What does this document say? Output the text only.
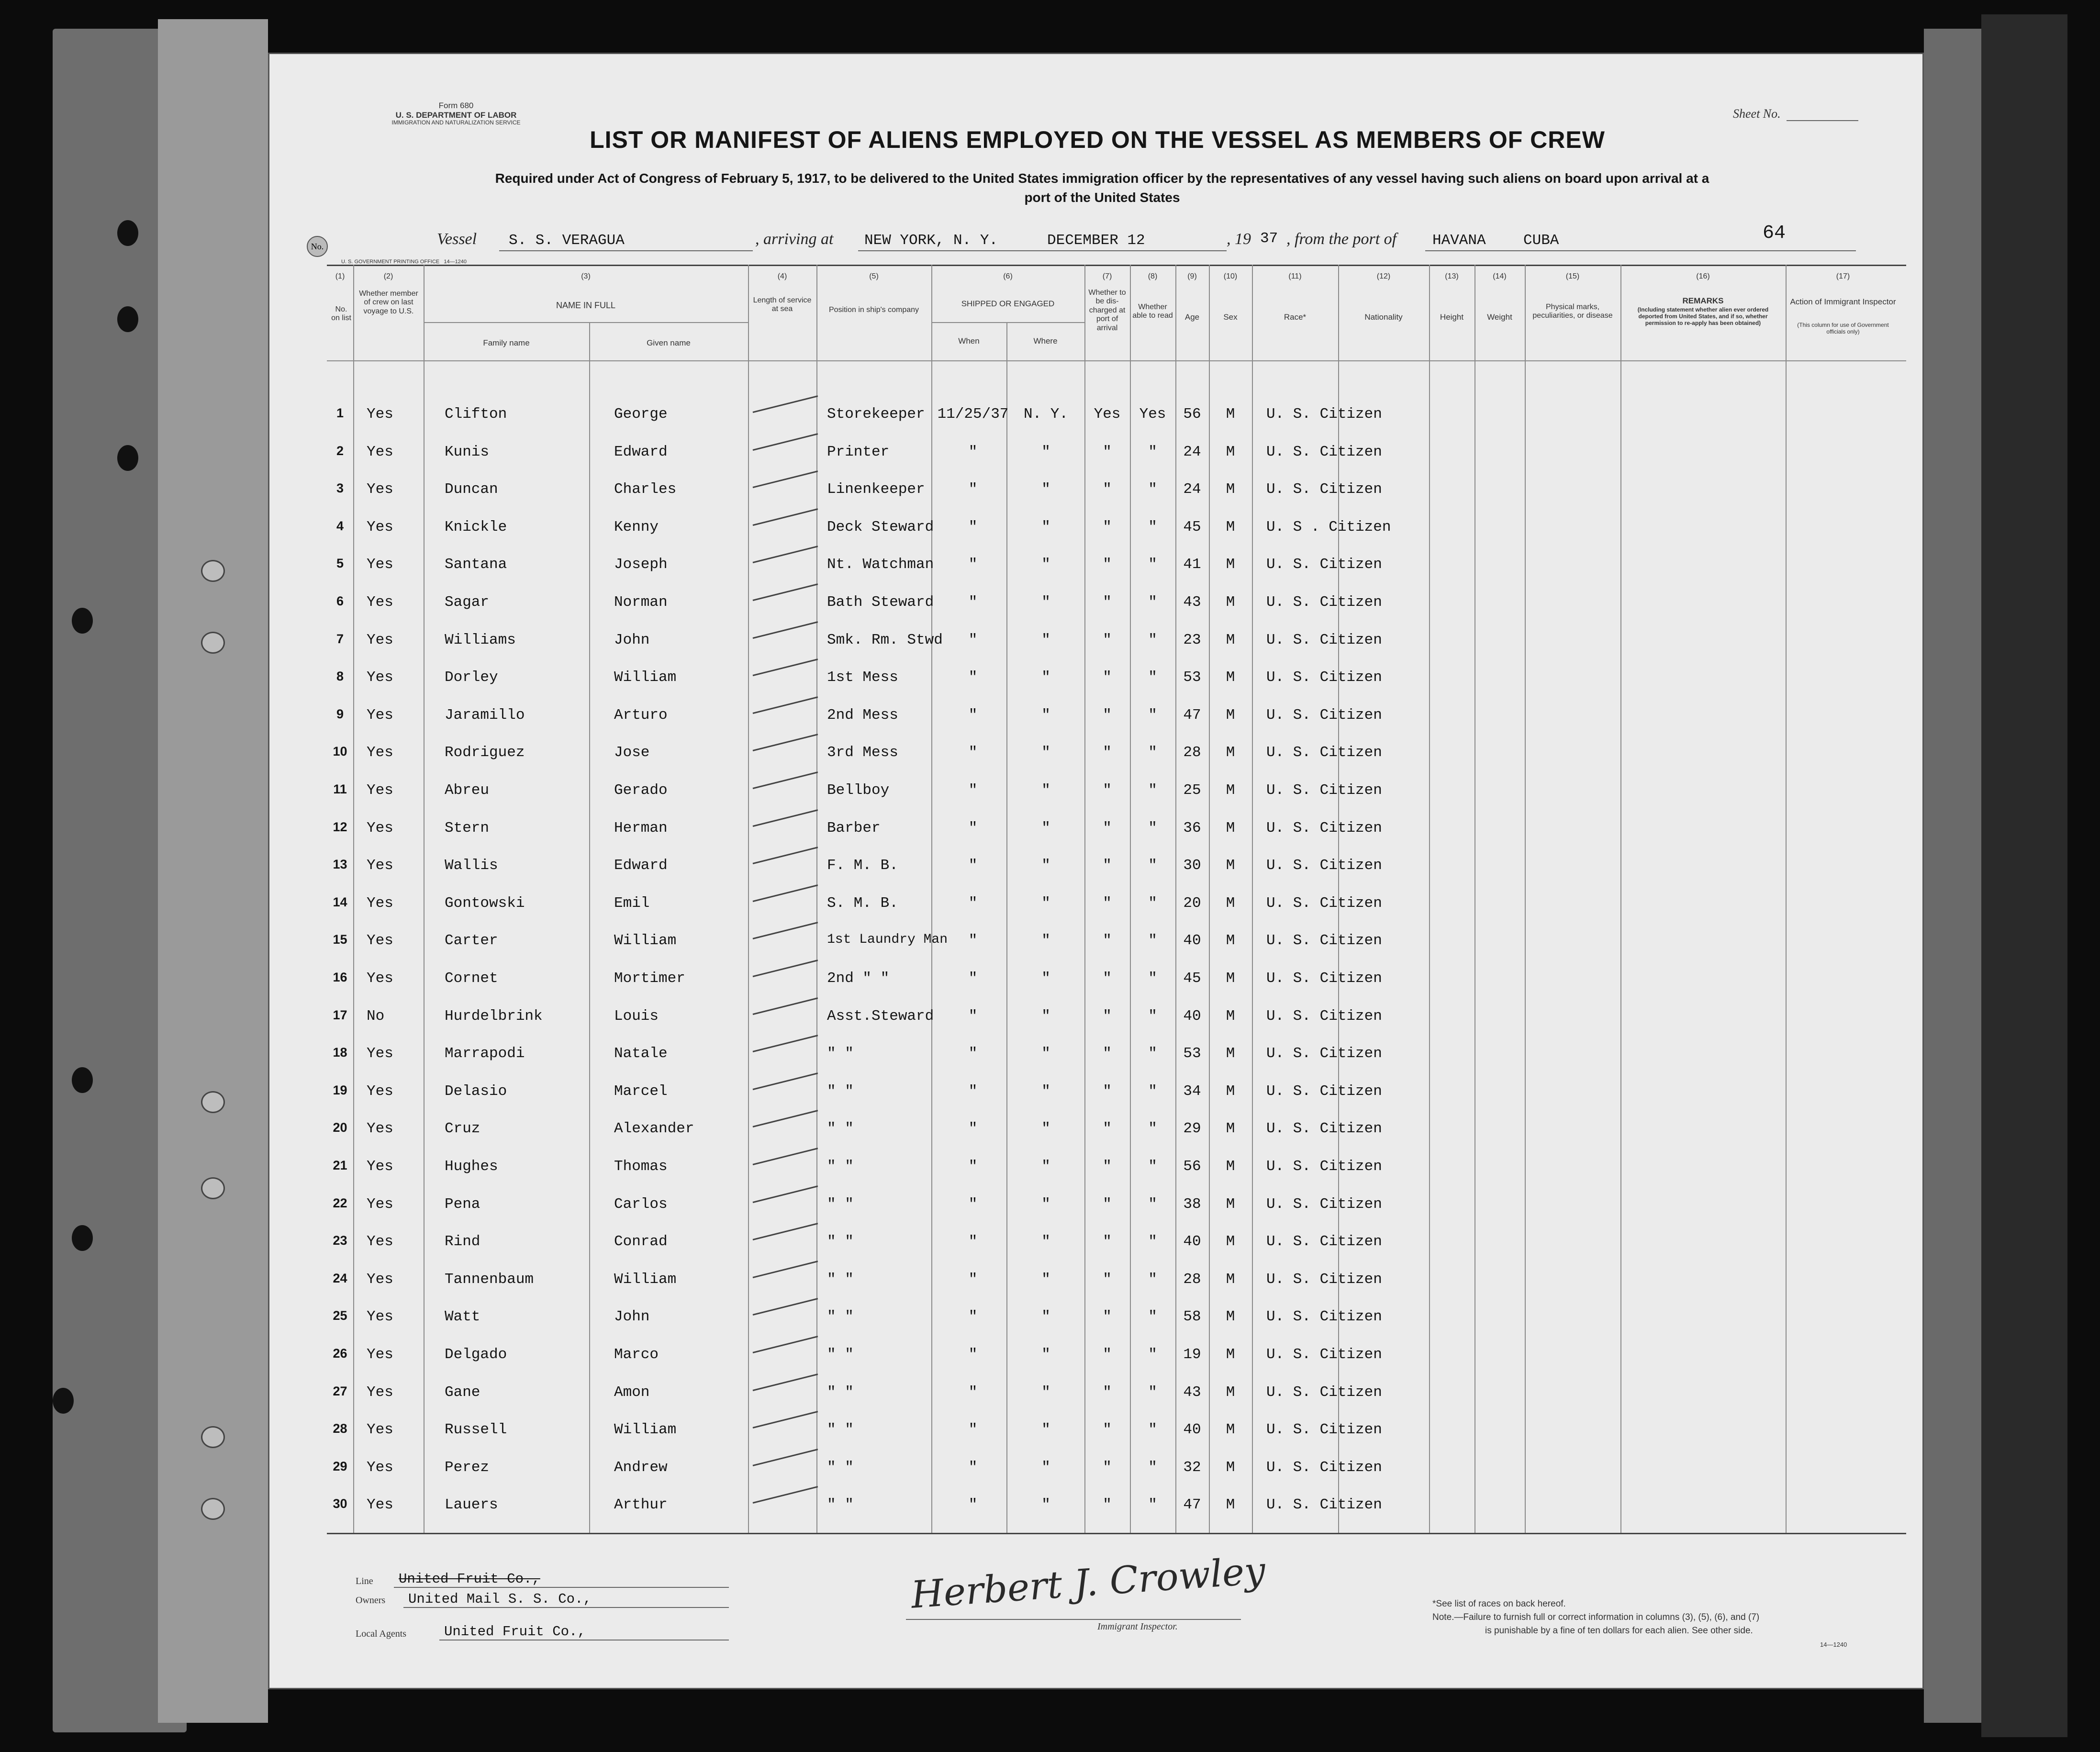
Form 680
U. S. DEPARTMENT OF LABOR
IMMIGRATION AND NATURALIZATION SERVICE
Sheet No.
LIST OR MANIFEST OF ALIENS EMPLOYED ON THE VESSEL AS MEMBERS OF CREW
Required under Act of Congress of February 5, 1917, to be delivered to the United States immigration officer by the representatives of any vessel having such aliens on board upon arrival at a
port of the United States
No.	Vessel S. S. VERAGUA	, arriving at NEW YORK, N. Y.	DECEMBER 12	, 19 37 , from the port of HAVANA	CUBA	64
U. S. GOVERNMENT PRINTING OFFICE 14—1240
(1)	(2)	(3)	(4)	(5)	(6)	(7)	(8)	(9)	(10)	(11)	(12)	(13)	(14)	(15)	(16)	(17)
No. on list
Whether member of crew on last voyage to U.S.
NAME IN FULL
Family name	Given name
Length of service at sea	Position in ship's company
SHIPPED OR ENGAGED
When	Where
Whether to be dis-charged at port of arrival
Whether able to read	Age	Sex	Race*	Nationality	Height	Weight
Physical marks, peculiarities, or disease
REMARKS
(Including statement whether alien ever ordered deported from United States, and if so, whether permission to re-apply has been obtained)
Action of Immigrant Inspector
(This column for use of Government officials only)
1	Yes	Clifton	George	Storekeeper 11/25/37	N. Y.	Yes	Yes	56	M	U. S. Citizen
2	Yes	Kunis	Edward	Printer	"	"	"	"	24	M	U. S. Citizen
3	Yes	Duncan	Charles	Linenkeeper	"	"	"	"	24	M	U. S. Citizen
4	Yes	Knickle	Kenny	Deck Steward	"	"	"	"	45	M	U. S . Citizen
5	Yes	Santana	Joseph	Nt. Watchman	"	"	"	"	41	M	U. S. Citizen
6	Yes	Sagar	Norman	Bath Steward	"	"	"	"	43	M	U. S. Citizen
7	Yes	Williams	John	Smk. Rm. Stwd	"	"	"	"	23	M	U. S. Citizen
8	Yes	Dorley	William	1st Mess	"	"	"	"	53	M	U. S. Citizen
9	Yes	Jaramillo	Arturo	2nd Mess	"	"	"	"	47	M	U. S. Citizen
10	Yes	Rodriguez	Jose	3rd Mess	"	"	"	"	28	M	U. S. Citizen
11	Yes	Abreu	Gerado	Bellboy	"	"	"	"	25	M	U. S. Citizen
12	Yes	Stern	Herman	Barber	"	"	"	"	36	M	U. S. Citizen
13	Yes	Wallis	Edward	F. M. B.	"	"	"	"	30	M	U. S. Citizen
14	Yes	Gontowski	Emil	S. M. B.	"	"	"	"	20	M	U. S. Citizen
15	Yes	Carter	William	1st Laundry Man	"	"	"	"	40	M	U. S. Citizen
16	Yes	Cornet	Mortimer	2nd " "	"	"	"	"	45	M	U. S. Citizen
17	No	Hurdelbrink	Louis	Asst.Steward	"	"	"	"	40	M	U. S. Citizen
18	Yes	Marrapodi	Natale	" "	"	"	"	"	53	M	U. S. Citizen
19	Yes	Delasio	Marcel	" "	"	"	"	"	34	M	U. S. Citizen
20	Yes	Cruz	Alexander	" "	"	"	"	"	29	M	U. S. Citizen
21	Yes	Hughes	Thomas	" "	"	"	"	"	56	M	U. S. Citizen
22	Yes	Pena	Carlos	" "	"	"	"	"	38	M	U. S. Citizen
23	Yes	Rind	Conrad	" "	"	"	"	"	40	M	U. S. Citizen
24	Yes	Tannenbaum	William	" "	"	"	"	"	28	M	U. S. Citizen
25	Yes	Watt	John	" "	"	"	"	"	58	M	U. S. Citizen
26	Yes	Delgado	Marco	" "	"	"	"	"	19	M	U. S. Citizen
27	Yes	Gane	Amon	" "	"	"	"	"	43	M	U. S. Citizen
28	Yes	Russell	William	" "	"	"	"	"	40	M	U. S. Citizen
29	Yes	Perez	Andrew	" "	"	"	"	"	32	M	U. S. Citizen
30	Yes	Lauers	Arthur	" "	"	"	"	"	47	M	U. S. Citizen
Line United Fruit Co.,
Owners United Mail S. S. Co.,
Local Agents	United Fruit Co.,
Herbert J. Crowley
Immigrant Inspector.
*See list of races on back hereof.
Note.—Failure to furnish full or correct information in columns (3), (5), (6), and (7)
is punishable by a fine of ten dollars for each alien. See other side.
14—1240
